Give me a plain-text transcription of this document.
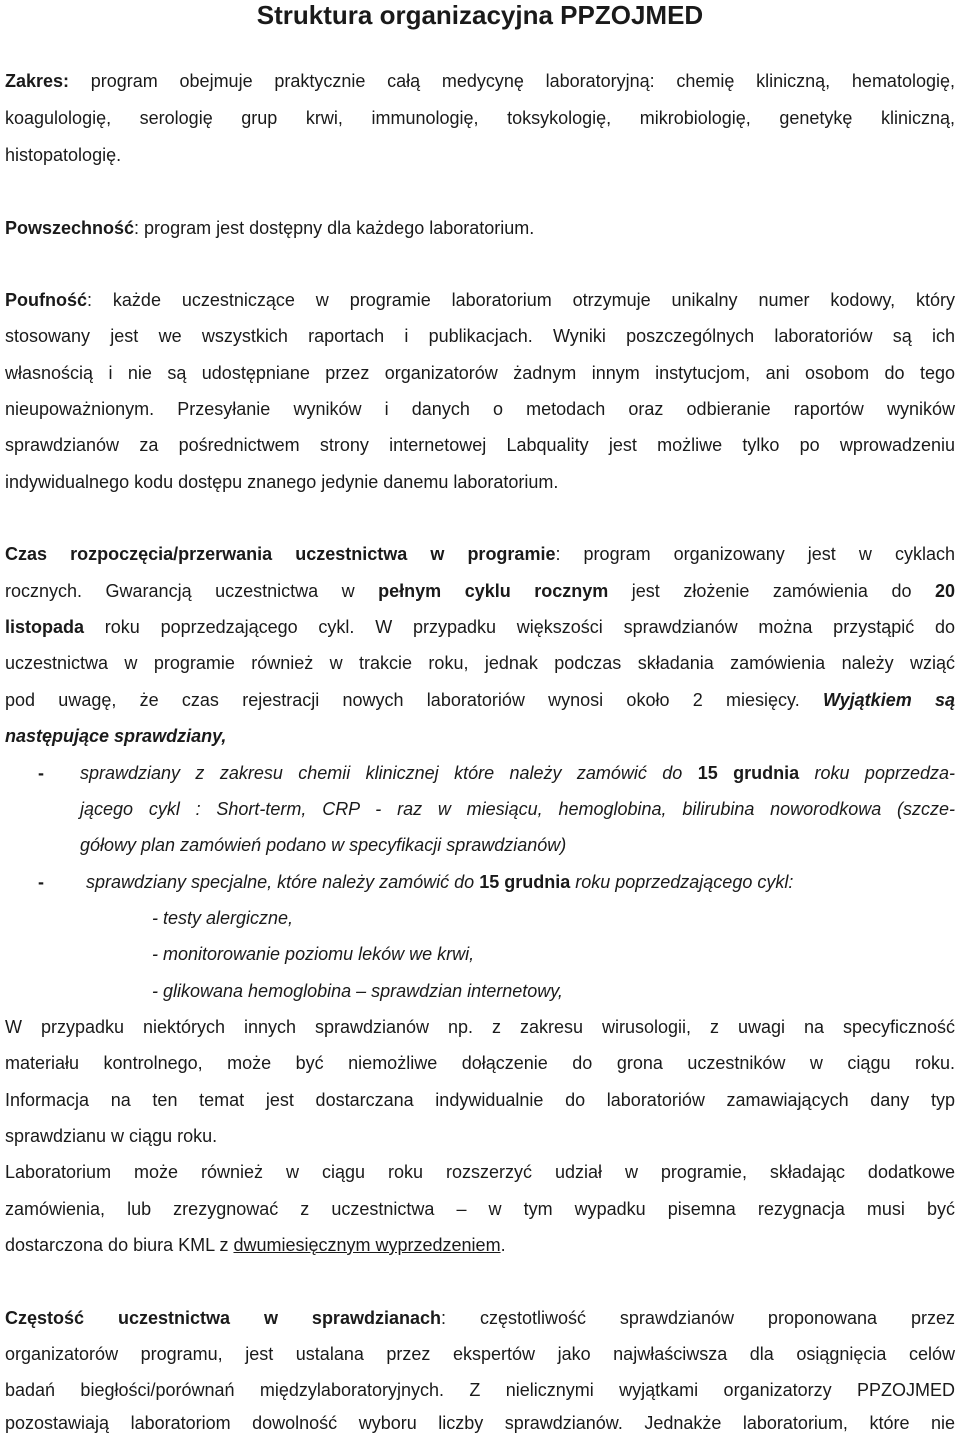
Struktura organizacyjna PPZOJMED
Zakres: program obejmuje praktycznie całą medycynę laboratoryjną: chemię kliniczną, hematologię,
koagulologię, serologię grup krwi, immunologię, toksykologię, mikrobiologię, genetykę kliniczną,
histopatologię.
Powszechność: program jest dostępny dla każdego laboratorium.
Poufność: każde uczestniczące w programie laboratorium otrzymuje unikalny numer kodowy, który
stosowany jest we wszystkich raportach i publikacjach. Wyniki poszczególnych laboratoriów są ich
własnością i nie są udostępniane przez organizatorów żadnym innym instytucjom, ani osobom do tego
nieupoważnionym. Przesyłanie wyników i danych o metodach oraz odbieranie raportów wyników
sprawdzianów za pośrednictwem strony internetowej Labquality jest możliwe tylko po wprowadzeniu
indywidualnego kodu dostępu znanego jedynie danemu laboratorium.
Czas rozpoczęcia/przerwania uczestnictwa w programie: program organizowany jest w cyklach
rocznych. Gwarancją uczestnictwa w pełnym cyklu rocznym jest złożenie zamówienia do 20
listopada roku poprzedzającego cykl. W przypadku większości sprawdzianów można przystąpić do
uczestnictwa w programie również w trakcie roku, jednak podczas składania zamówienia należy wziąć
pod uwagę, że czas rejestracji nowych laboratoriów wynosi około 2 miesięcy. Wyjątkiem są
następujące sprawdziany,
- sprawdziany z zakresu chemii klinicznej które należy zamówić do 15 grudnia roku poprzedza-
jącego cykl : Short-term, CRP - raz w miesiącu, hemoglobina, bilirubina noworodkowa (szcze-
gółowy plan zamówień podano w specyfikacji sprawdzianów)
- sprawdziany specjalne, które należy zamówić do 15 grudnia roku poprzedzającego cykl:
- testy alergiczne,
- monitorowanie poziomu leków we krwi,
- glikowana hemoglobina – sprawdzian internetowy,
W przypadku niektórych innych sprawdzianów np. z zakresu wirusologii, z uwagi na specyficzność
materiału kontrolnego, może być niemożliwe dołączenie do grona uczestników w ciągu roku.
Informacja na ten temat jest dostarczana indywidualnie do laboratoriów zamawiających dany typ
sprawdzianu w ciągu roku.
Laboratorium może również w ciągu roku rozszerzyć udział w programie, składając dodatkowe
zamówienia, lub zrezygnować z uczestnictwa – w tym wypadku pisemna rezygnacja musi być
dostarczona do biura KML z dwumiesięcznym wyprzedzeniem.
Częstość uczestnictwa w sprawdzianach: częstotliwość sprawdzianów proponowana przez
organizatorów programu, jest ustalana przez ekspertów jako najwłaściwsza dla osiągnięcia celów
badań biegłości/porównań międzylaboratoryjnych. Z nielicznymi wyjątkami organizatorzy PPZOJMED
pozostawiają laboratoriom dowolność wyboru liczby sprawdzianów. Jednakże laboratorium, które nie
